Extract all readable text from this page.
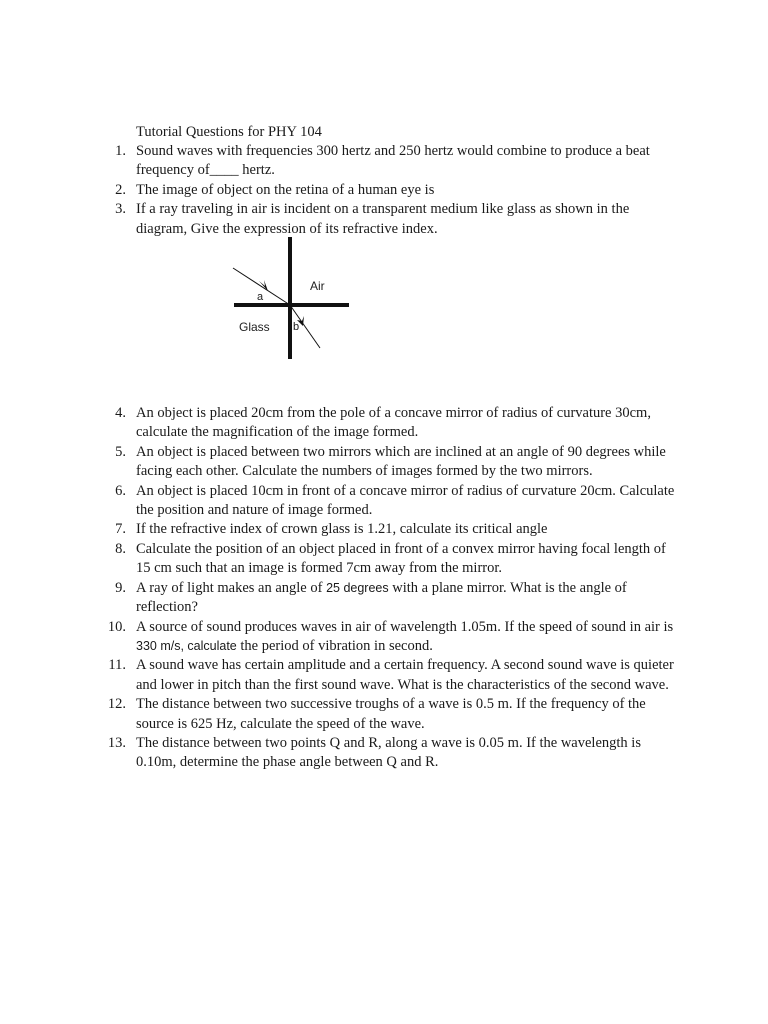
Tutorial Questions for PHY 104
1. Sound waves with frequencies 300 hertz and 250 hertz would combine to produce a beat frequency of____ hertz.
2. The image of object on the retina of a human eye is
3. If a ray traveling in air is incident on a transparent medium like glass as shown in the diagram, Give the expression of its refractive index.
4. An object is placed 20cm from the pole of a concave mirror of radius of curvature 30cm, calculate the magnification of the image formed.
5. An object is placed between two mirrors which are inclined at an angle of 90 degrees while facing each other. Calculate the numbers of images formed by the two mirrors.
6. An object is placed 10cm in front of a concave mirror of radius of curvature 20cm. Calculate the position and nature of image formed.
7. If the refractive index of crown glass is 1.21, calculate its critical angle
8. Calculate the position of an object placed in front of a convex mirror having focal length of 15 cm such that an image is formed 7cm away from the mirror.
9. A ray of light makes an angle of 25 degrees with a plane mirror. What is the angle of reflection?
10. A source of sound produces waves in air of wavelength 1.05m. If the speed of sound in air is 330 m/s, calculate the period of vibration in second.
11. A sound wave has certain amplitude and a certain frequency. A second sound wave is quieter and lower in pitch than the first sound wave. What is the characteristics of the second wave.
12. The distance between two successive troughs of a wave is 0.5 m. If the frequency of the source is 625 Hz, calculate the speed of the wave.
13. The distance between two points Q and R, along a wave is 0.05 m. If the wavelength is 0.10m, determine the phase angle between Q and R.
Air
Glass
a
b
